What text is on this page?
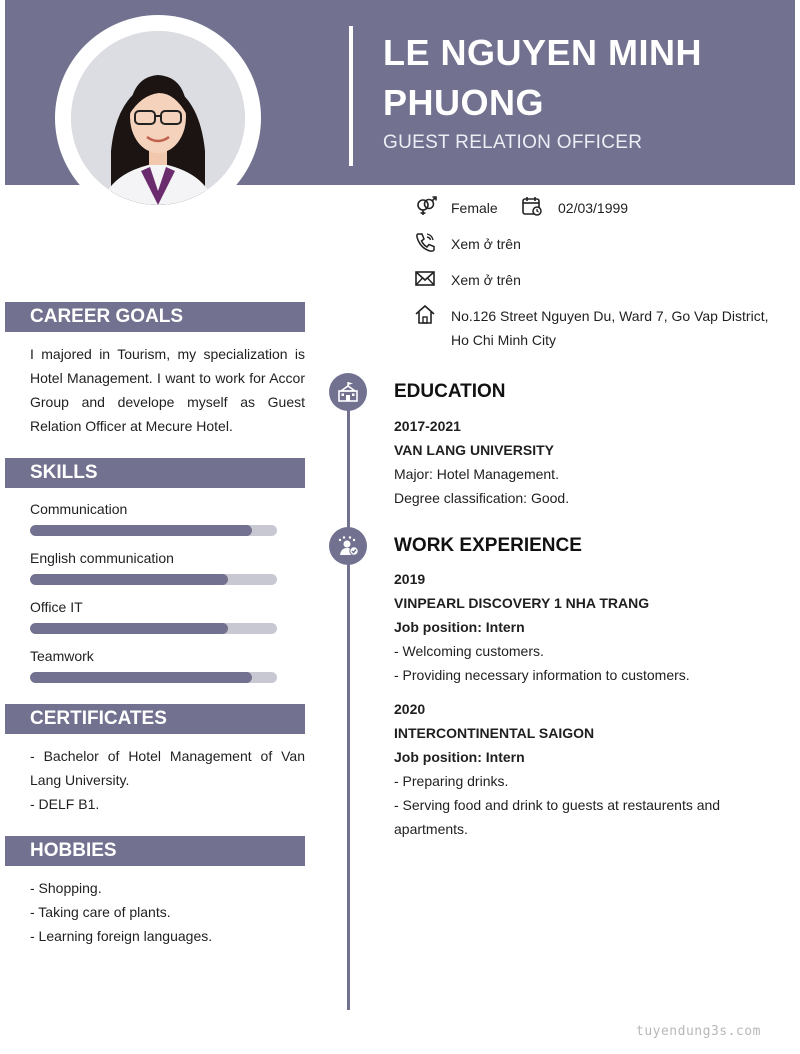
LE NGUYEN MINH
PHUONG
GUEST RELATION OFFICER
Female	02/03/1999
Xem ở trên
Xem ở trên
No.126 Street Nguyen Du, Ward 7, Go Vap District,
Ho Chi Minh City
CAREER GOALS
I majored in Tourism, my specialization is Hotel Management. I want to work for Accor Group and develope myself as Guest Relation Officer at Mecure Hotel.
SKILLS
Communication
English communication
Office IT
Teamwork
CERTIFICATES
- Bachelor of Hotel Management of Van Lang University.
- DELF B1.
HOBBIES
- Shopping.
- Taking care of plants.
- Learning foreign languages.
EDUCATION
2017-2021
VAN LANG UNIVERSITY
Major: Hotel Management.
Degree classification: Good.
WORK EXPERIENCE
2019
VINPEARL DISCOVERY 1 NHA TRANG
Job position: Intern
- Welcoming customers.
- Providing necessary information to customers.
2020
INTERCONTINENTAL SAIGON
Job position: Intern
- Preparing drinks.
- Serving food and drink to guests at restaurents and apartments.
tuyendung3s.com
